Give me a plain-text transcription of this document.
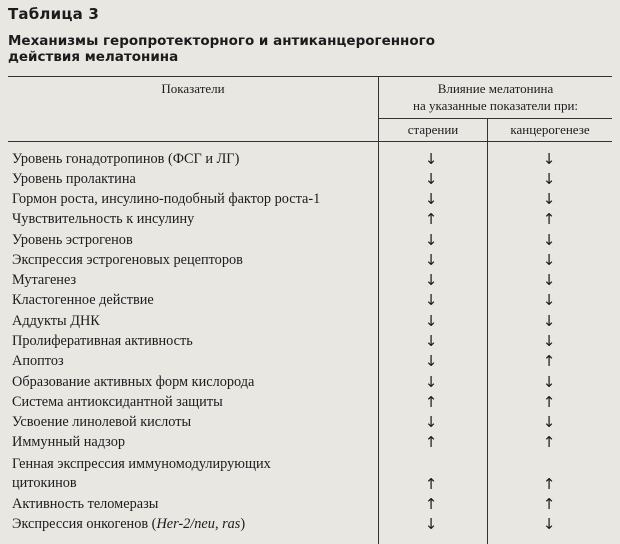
Таблица 3
Механизмы геропротекторного и антиканцерогенного
действия мелатонина
Показатели	Влияние мелатонина
на указанные показатели при:
старении	канцерогенезе
Уровень гонадотропинов (ФСГ и ЛГ)	↓	↓
Уровень пролактина	↓	↓
Гормон роста, инсулино-подобный фактор роста-1	↓	↓
Чувствительность к инсулину	↑	↑
Уровень эстрогенов	↓	↓
Экспрессия эстрогеновых рецепторов	↓	↓
Мутагенез	↓	↓
Кластогенное действие	↓	↓
Аддукты ДНК	↓	↓
Пролиферативная активность	↓	↓
Апоптоз	↓	↑
Образование активных форм кислорода	↓	↓
Система антиоксидантной защиты	↑	↑
Усвоение линолевой кислоты	↓	↓
Иммунный надзор	↑	↑
Генная экспрессия иммуномодулирующих
цитокинов	↑	↑
Активность теломеразы	↑	↑
Экспрессия онкогенов (Her-2/neu, ras)	↓	↓
